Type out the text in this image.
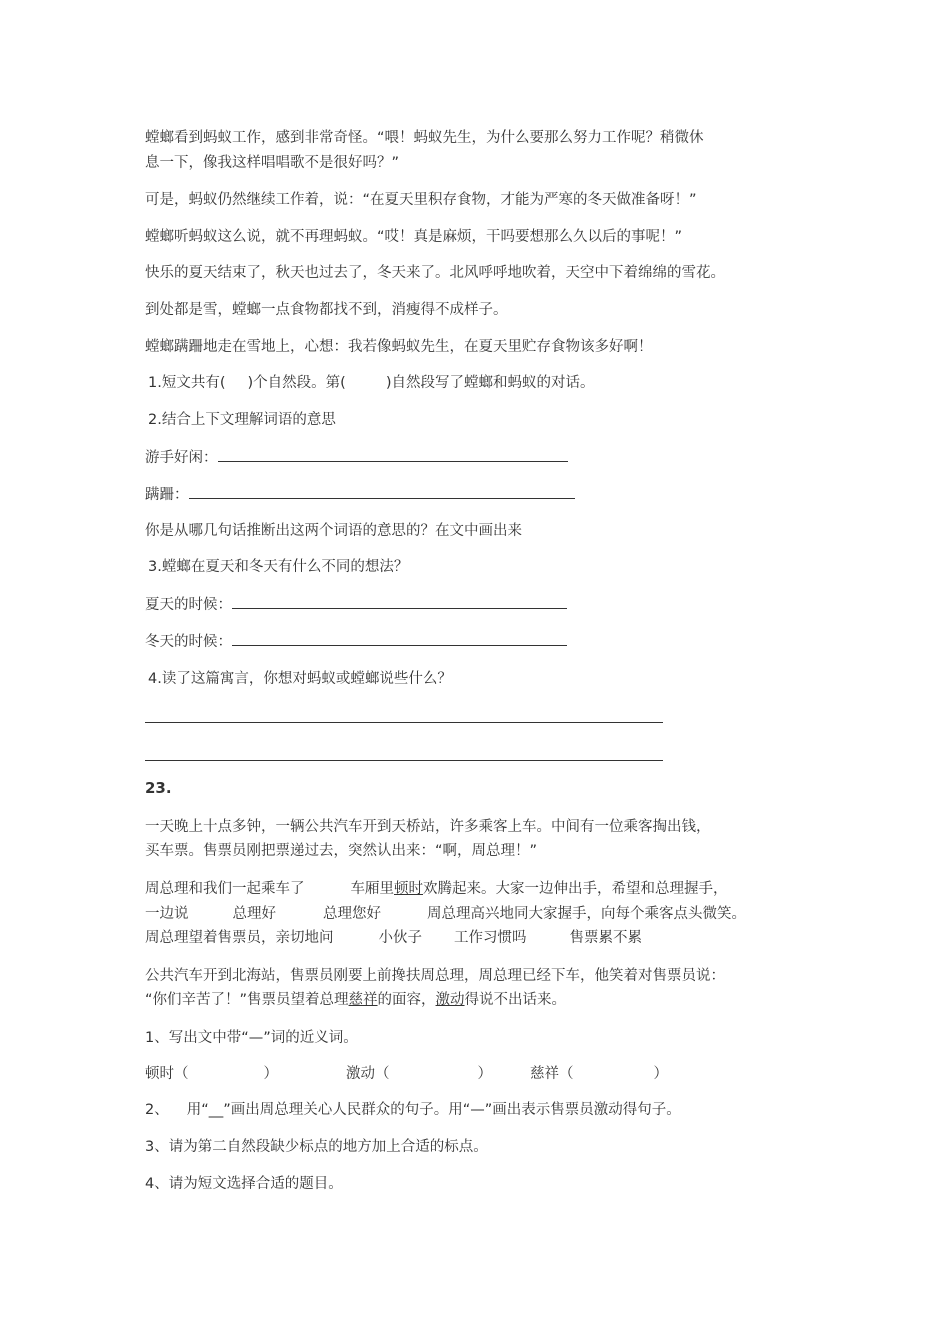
螳螂看到蚂蚁工作，感到非常奇怪。“喂！蚂蚁先生，为什么要那么努力工作呢？稍微休
息一下，像我这样唱唱歌不是很好吗？”
可是，蚂蚁仍然继续工作着，说：“在夏天里积存食物，才能为严寒的冬天做准备呀！”
螳螂听蚂蚁这么说，就不再理蚂蚁。“哎！真是麻烦，干吗要想那么久以后的事呢！”
快乐的夏天结束了，秋天也过去了，冬天来了。北风呼呼地吹着，天空中下着绵绵的雪花。
到处都是雪，螳螂一点食物都找不到，消瘦得不成样子。
螳螂蹒跚地走在雪地上，心想：我若像蚂蚁先生，在夏天里贮存食物该多好啊！
1.短文共有( )个自然段。第(	)自然段写了螳螂和蚂蚁的对话。
2.结合上下文理解词语的意思
游手好闲：
蹒跚：
你是从哪几句话推断出这两个词语的意思的？在文中画出来
3.螳螂在夏天和冬天有什么不同的想法？
夏天的时候：
冬天的时候：
4.读了这篇寓言，你想对蚂蚁或螳螂说些什么？
23.
一天晚上十点多钟，一辆公共汽车开到天桥站，许多乘客上车。中间有一位乘客掏出钱，
买车票。售票员刚把票递过去，突然认出来：“啊，周总理！”
周总理和我们一起乘车了	车厢里顿时欢腾起来。大家一边伸出手，希望和总理握手，
一边说	总理好	总理您好	周总理高兴地同大家握手，向每个乘客点头微笑。
周总理望着售票员，亲切地问	小伙子 工作习惯吗	售票累不累
公共汽车开到北海站，售票员刚要上前搀扶周总理，周总理已经下车，他笑着对售票员说：
“你们辛苦了！”售票员望着总理慈祥的面容，激动得说不出话来。
1、写出文中带“—”词的近义词。
顿时（	）	激动（	）	慈祥（	）
2、 用“__”画出周总理关心人民群众的句子。用“—”画出表示售票员激动得句子。
3、请为第二自然段缺少标点的地方加上合适的标点。
4、请为短文选择合适的题目。
